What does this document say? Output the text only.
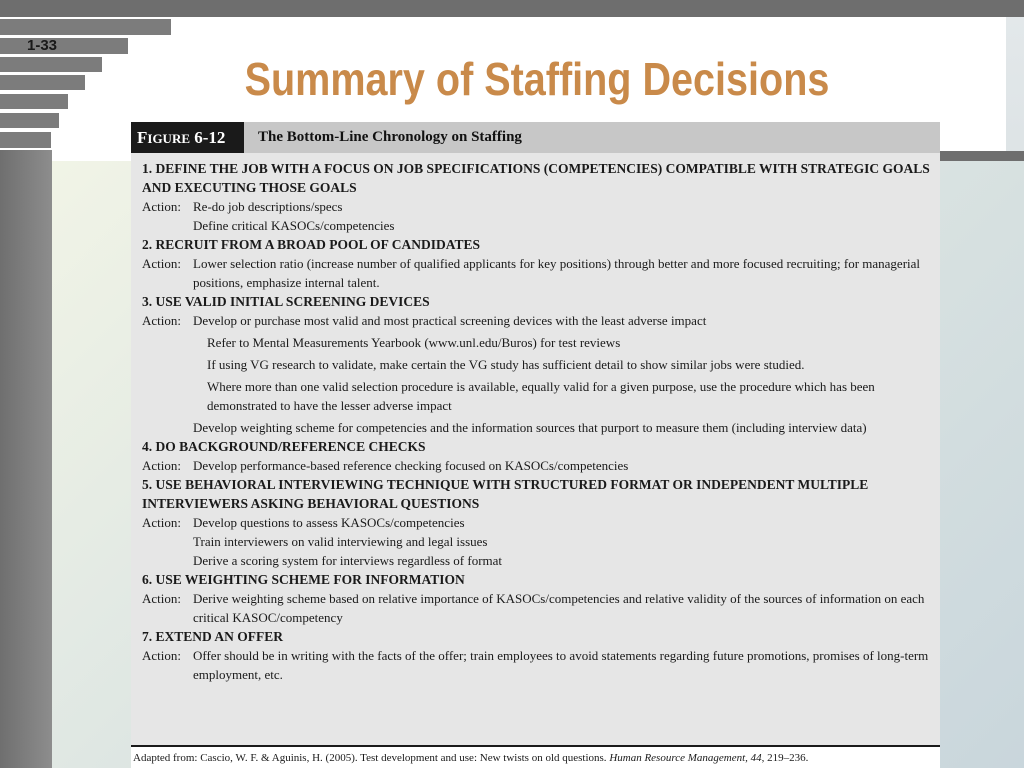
1-33
Summary of Staffing Decisions
FIGURE 6-12	The Bottom-Line Chronology on Staffing
1. DEFINE THE JOB WITH A FOCUS ON JOB SPECIFICATIONS (COMPETENCIES) COMPATIBLE WITH STRATEGIC GOALS AND EXECUTING THOSE GOALS
Action: Re-do job descriptions/specs
Define critical KASOCs/competencies
2. RECRUIT FROM A BROAD POOL OF CANDIDATES
Action: Lower selection ratio (increase number of qualified applicants for key positions) through better and more focused recruiting; for managerial positions, emphasize internal talent.
3. USE VALID INITIAL SCREENING DEVICES
Action: Develop or purchase most valid and most practical screening devices with the least adverse impact
Refer to Mental Measurements Yearbook (www.unl.edu/Buros) for test reviews
If using VG research to validate, make certain the VG study has sufficient detail to show similar jobs were studied.
Where more than one valid selection procedure is available, equally valid for a given purpose, use the procedure which has been demonstrated to have the lesser adverse impact
Develop weighting scheme for competencies and the information sources that purport to measure them (including interview data)
4. DO BACKGROUND/REFERENCE CHECKS
Action: Develop performance-based reference checking focused on KASOCs/competencies
5. USE BEHAVIORAL INTERVIEWING TECHNIQUE WITH STRUCTURED FORMAT OR INDEPENDENT MULTIPLE INTERVIEWERS ASKING BEHAVIORAL QUESTIONS
Action: Develop questions to assess KASOCs/competencies
Train interviewers on valid interviewing and legal issues
Derive a scoring system for interviews regardless of format
6. USE WEIGHTING SCHEME FOR INFORMATION
Action: Derive weighting scheme based on relative importance of KASOCs/competencies and relative validity of the sources of information on each critical KASOC/competency
7. EXTEND AN OFFER
Action: Offer should be in writing with the facts of the offer; train employees to avoid statements regarding future promotions, promises of long-term employment, etc.
Adapted from: Cascio, W. F. & Aguinis, H. (2005). Test development and use: New twists on old questions. Human Resource Management, 44, 219–236.
